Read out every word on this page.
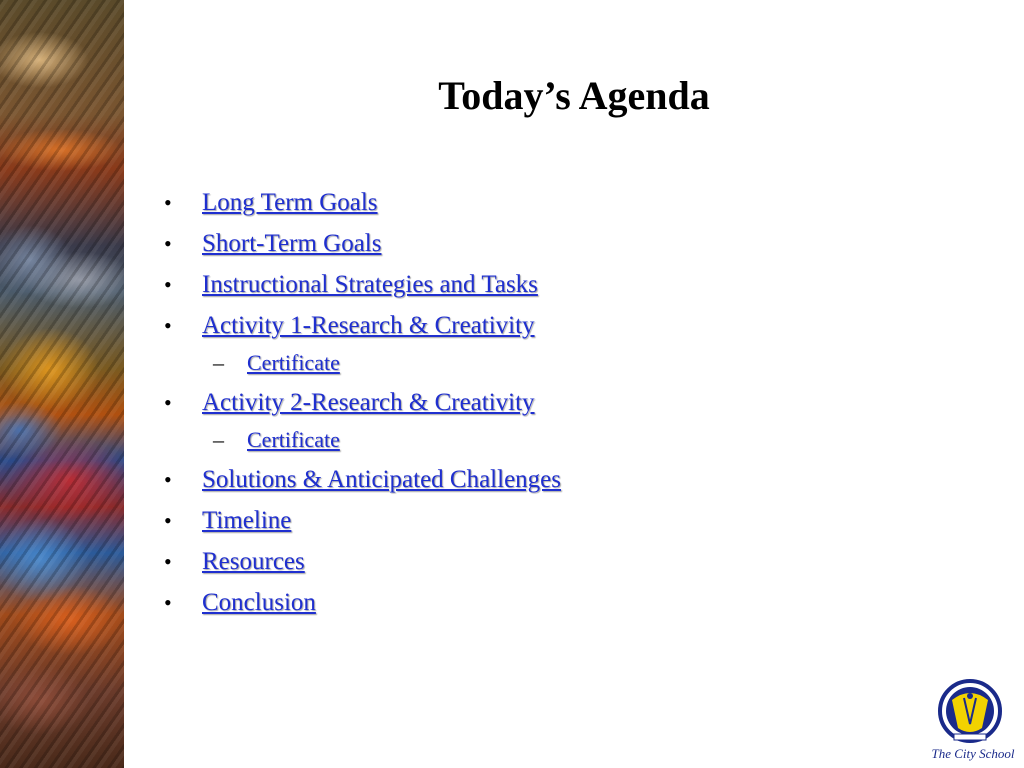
Today’s Agenda
• Long Term Goals
• Short-Term Goals
• Instructional Strategies and Tasks
• Activity 1-Research & Creativity
– Certificate
• Activity 2-Research & Creativity
– Certificate
• Solutions & Anticipated Challenges
• Timeline
• Resources
• Conclusion
The City School
